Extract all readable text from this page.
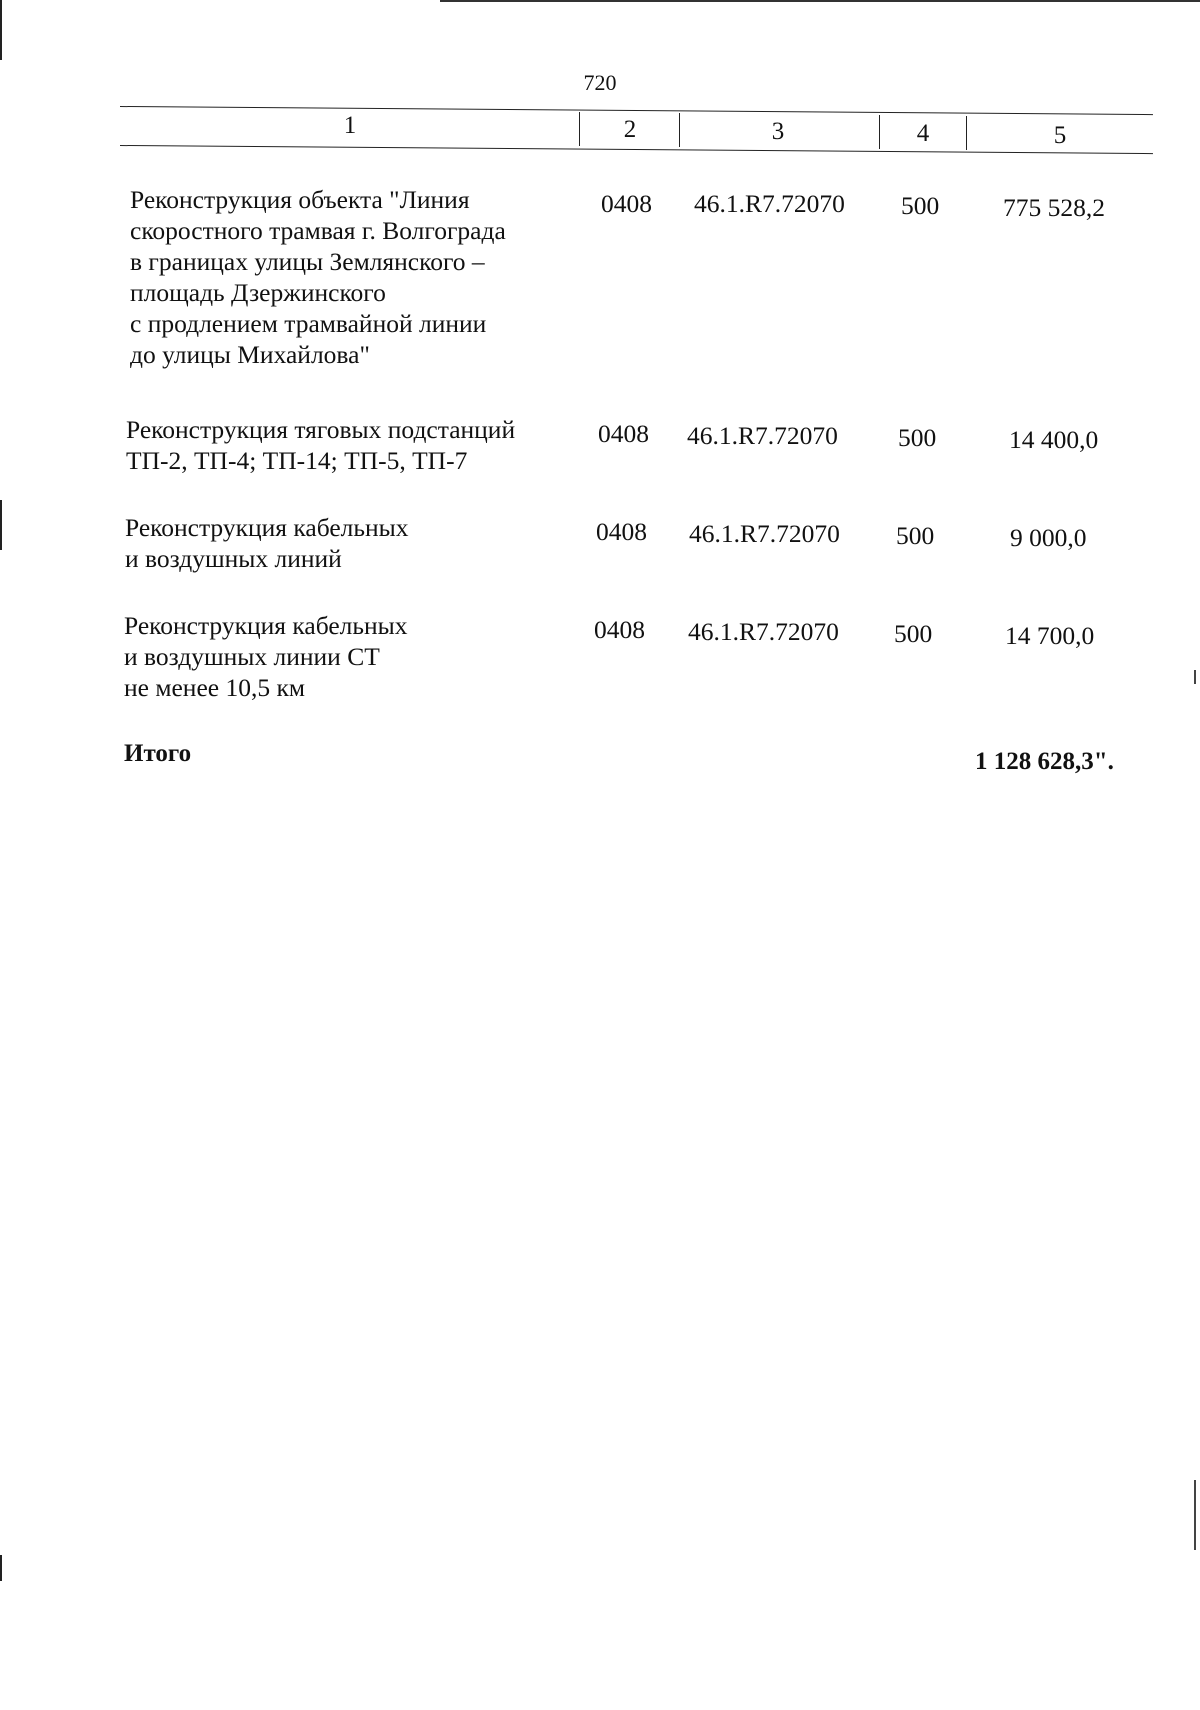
720
1	2	3	4	5
Реконструкция объекта "Линия
скоростного трамвая г. Волгограда
в границах улицы Землянского –
площадь Дзержинского
с продлением трамвайной линии
до улицы Михайлова"
0408 46.1.R7.72070 500	775 528,2
Реконструкция тяговых подстанций
ТП-2, ТП-4; ТП-14; ТП-5, ТП-7
0408 46.1.R7.72070 500	14 400,0
Реконструкция кабельных
и воздушных линий
0408 46.1.R7.72070 500	9 000,0
Реконструкция кабельных
и воздушных линии СТ
не менее 10,5 км
0408 46.1.R7.72070 500	14 700,0
Итого	1 128 628,3".
